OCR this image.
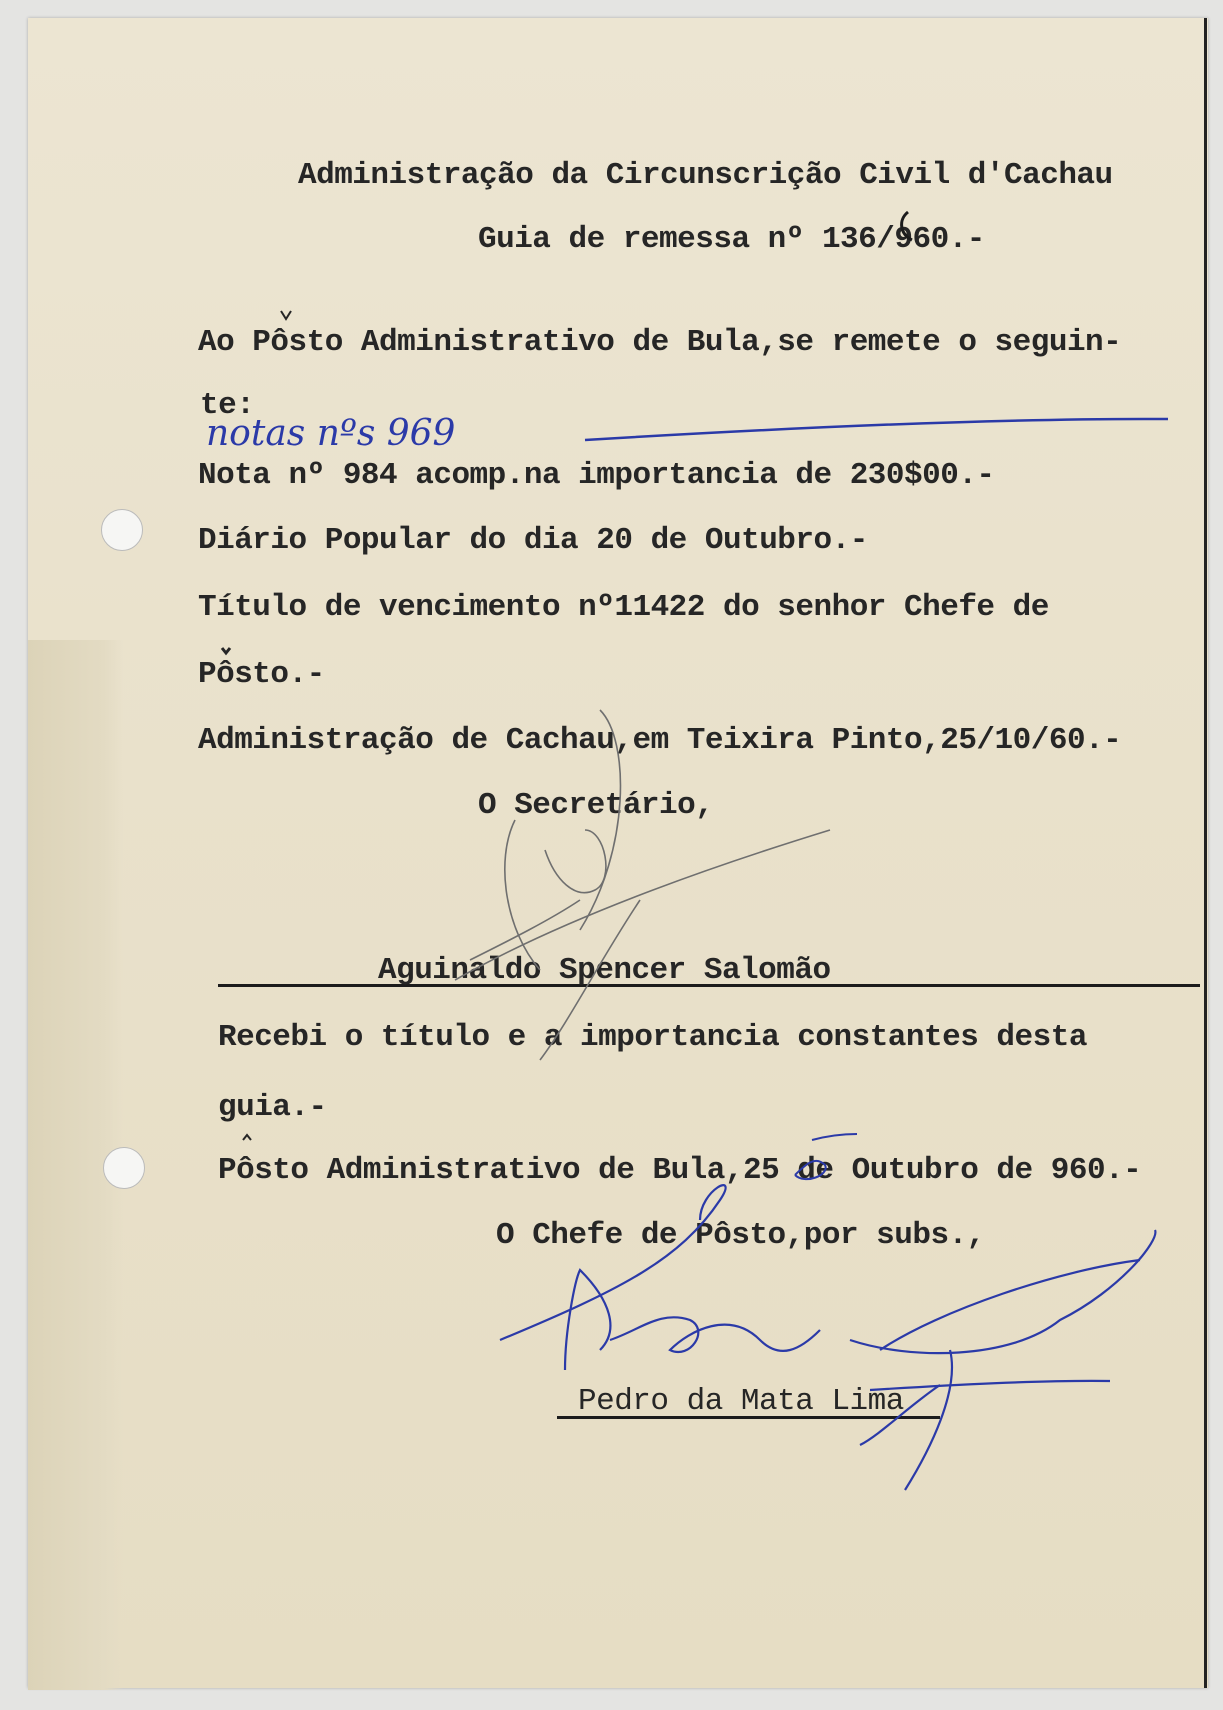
Administração da Circunscrição Civil d'Cachau

Guia de remessa nº 136/960.-

Ao Pôsto Administrativo de Bula,se remete o seguin-

te:

notas nºs 969

Nota nº 984 acomp.na importancia de 230$00.-

Diário Popular do dia 20 de Outubro.-

Título de vencimento nº11422 do senhor Chefe de

Pôsto.-

Administração de Cachau,em Teixira Pinto,25/10/60.-

O Secretário,

Aguinaldo Spencer Salomão

Recebi o título e a importancia constantes desta

guia.-

Pôsto Administrativo de Bula,25 de Outubro de 960.-

O Chefe de Pôsto,por subs.,

Pedro da Mata Lima
